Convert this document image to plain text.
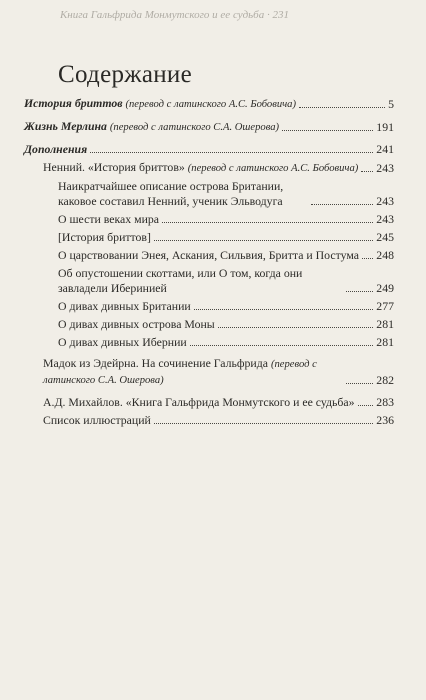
Книга Гальфрида Монмутского и ее судьба · 231

Содержание
История бриттов (перевод с латинского А.С. Бобовича)	5
Жизнь Мерлина (перевод с латинского С.А. Ошерова)	191
Дополнения	241
Ненний. «История бриттов» (перевод с латинского А.С. Бобовича) 243
Наикратчайшее описание острова Британии, каковое составил Ненний, ученик Эльводуга	243
О шести веках мира	243
[История бриттов]	245
О царствовании Энея, Аскания, Сильвия, Бритта и Постума 248
Об опустошении скоттами, или О том, когда они завладели Иберинией	249
О дивах дивных Британии	277
О дивах дивных острова Моны	281
О дивах дивных Ибернии	281
Мадок из Эдейрна. На сочинение Гальфрида (перевод с латинского С.А. Ошерова)	282
А.Д. Михайлов. «Книга Гальфрида Монмутского и ее судьба» 283
Список иллюстраций	236
